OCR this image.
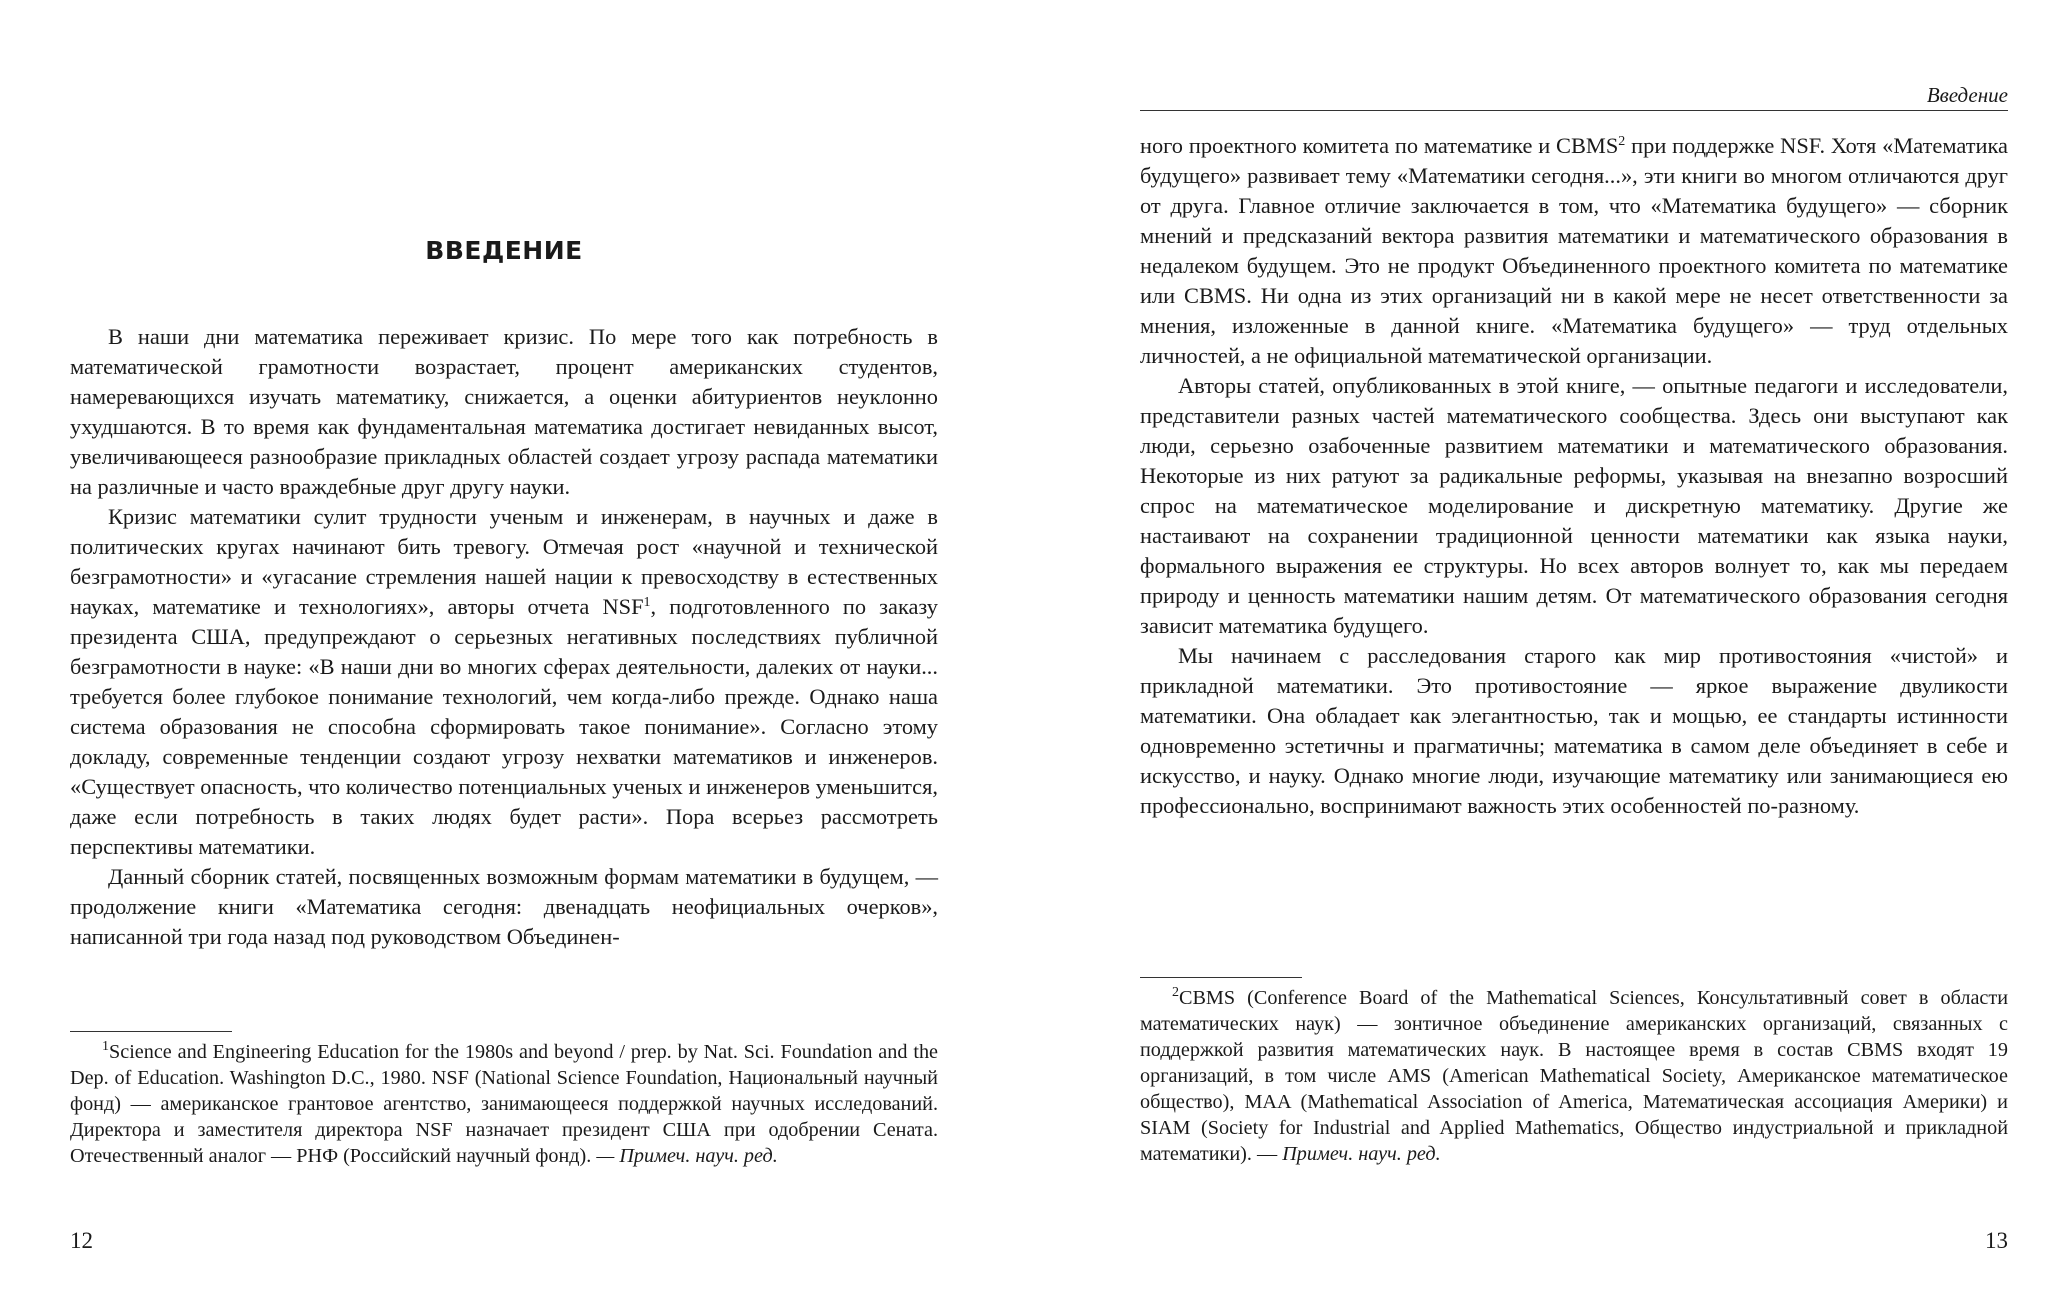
ВВЕДЕНИЕ

В наши дни математика переживает кризис. По мере того как потребность в математической грамотности возрастает, процент американских студентов, намеревающихся изучать математику, снижается, а оценки абитуриентов неуклонно ухудшаются. В то время как фундаментальная математика достигает невиданных высот, увеличивающееся разнообразие прикладных областей создает угрозу распада математики на различные и часто враждебные друг другу науки.

Кризис математики сулит трудности ученым и инженерам, в научных и даже в политических кругах начинают бить тревогу. Отмечая рост «научной и технической безграмотности» и «угасание стремления нашей нации к превосходству в естественных науках, математике и технологиях», авторы отчета NSF$^1$, подготовленного по заказу президента США, предупреждают о серьезных негативных последствиях публичной безграмотности в науке: «В наши дни во многих сферах деятельности, далеких от науки... требуется более глубокое понимание технологий, чем когда-либо прежде. Однако наша система образования не способна сформировать такое понимание». Согласно этому докладу, современные тенденции создают угрозу нехватки математиков и инженеров. «Существует опасность, что количество потенциальных ученых и инженеров уменьшится, даже если потребность в таких людях будет расти». Пора всерьез рассмотреть перспективы математики.

Данный сборник статей, посвященных возможным формам математики в будущем, — продолжение книги «Математика сегодня: двенадцать неофициальных очерков», написанной три года назад под руководством Объединен-

$^1$Science and Engineering Education for the 1980s and beyond / prep. by Nat. Sci. Foundation and the Dep. of Education. Washington D.C., 1980. NSF (National Science Foundation, Национальный научный фонд) — американское грантовое агентство, занимающееся поддержкой научных исследований. Директора и заместителя директора NSF назначает президент США при одобрении Сената. Отечественный аналог — РНФ (Российский научный фонд). — Примеч. науч. ред.

12
Введение

ного проектного комитета по математике и CBMS$^2$ при поддержке NSF. Хотя «Математика будущего» развивает тему «Математики сегодня...», эти книги во многом отличаются друг от друга. Главное отличие заключается в том, что «Математика будущего» — сборник мнений и предсказаний вектора развития математики и математического образования в недалеком будущем. Это не продукт Объединенного проектного комитета по математике или CBMS. Ни одна из этих организаций ни в какой мере не несет ответственности за мнения, изложенные в данной книге. «Математика будущего» — труд отдельных личностей, а не официальной математической организации.

Авторы статей, опубликованных в этой книге, — опытные педагоги и исследователи, представители разных частей математического сообщества. Здесь они выступают как люди, серьезно озабоченные развитием математики и математического образования. Некоторые из них ратуют за радикальные реформы, указывая на внезапно возросший спрос на математическое моделирование и дискретную математику. Другие же настаивают на сохранении традиционной ценности математики как языка науки, формального выражения ее структуры. Но всех авторов волнует то, как мы передаем природу и ценность математики нашим детям. От математического образования сегодня зависит математика будущего.

Мы начинаем с расследования старого как мир противостояния «чистой» и прикладной математики. Это противостояние — яркое выражение двуликости математики. Она обладает как элегантностью, так и мощью, ее стандарты истинности одновременно эстетичны и прагматичны; математика в самом деле объединяет в себе и искусство, и науку. Однако многие люди, изучающие математику или занимающиеся ею профессионально, воспринимают важность этих особенностей по-разному.

$^2$CBMS (Conference Board of the Mathematical Sciences, Консультативный совет в области математических наук) — зонтичное объединение американских организаций, связанных с поддержкой развития математических наук. В настоящее время в состав CBMS входят 19 организаций, в том числе AMS (American Mathematical Society, Американское математическое общество), MAA (Mathematical Association of America, Математическая ассоциация Америки) и SIAM (Society for Industrial and Applied Mathematics, Общество индустриальной и прикладной математики). — Примеч. науч. ред.

13
